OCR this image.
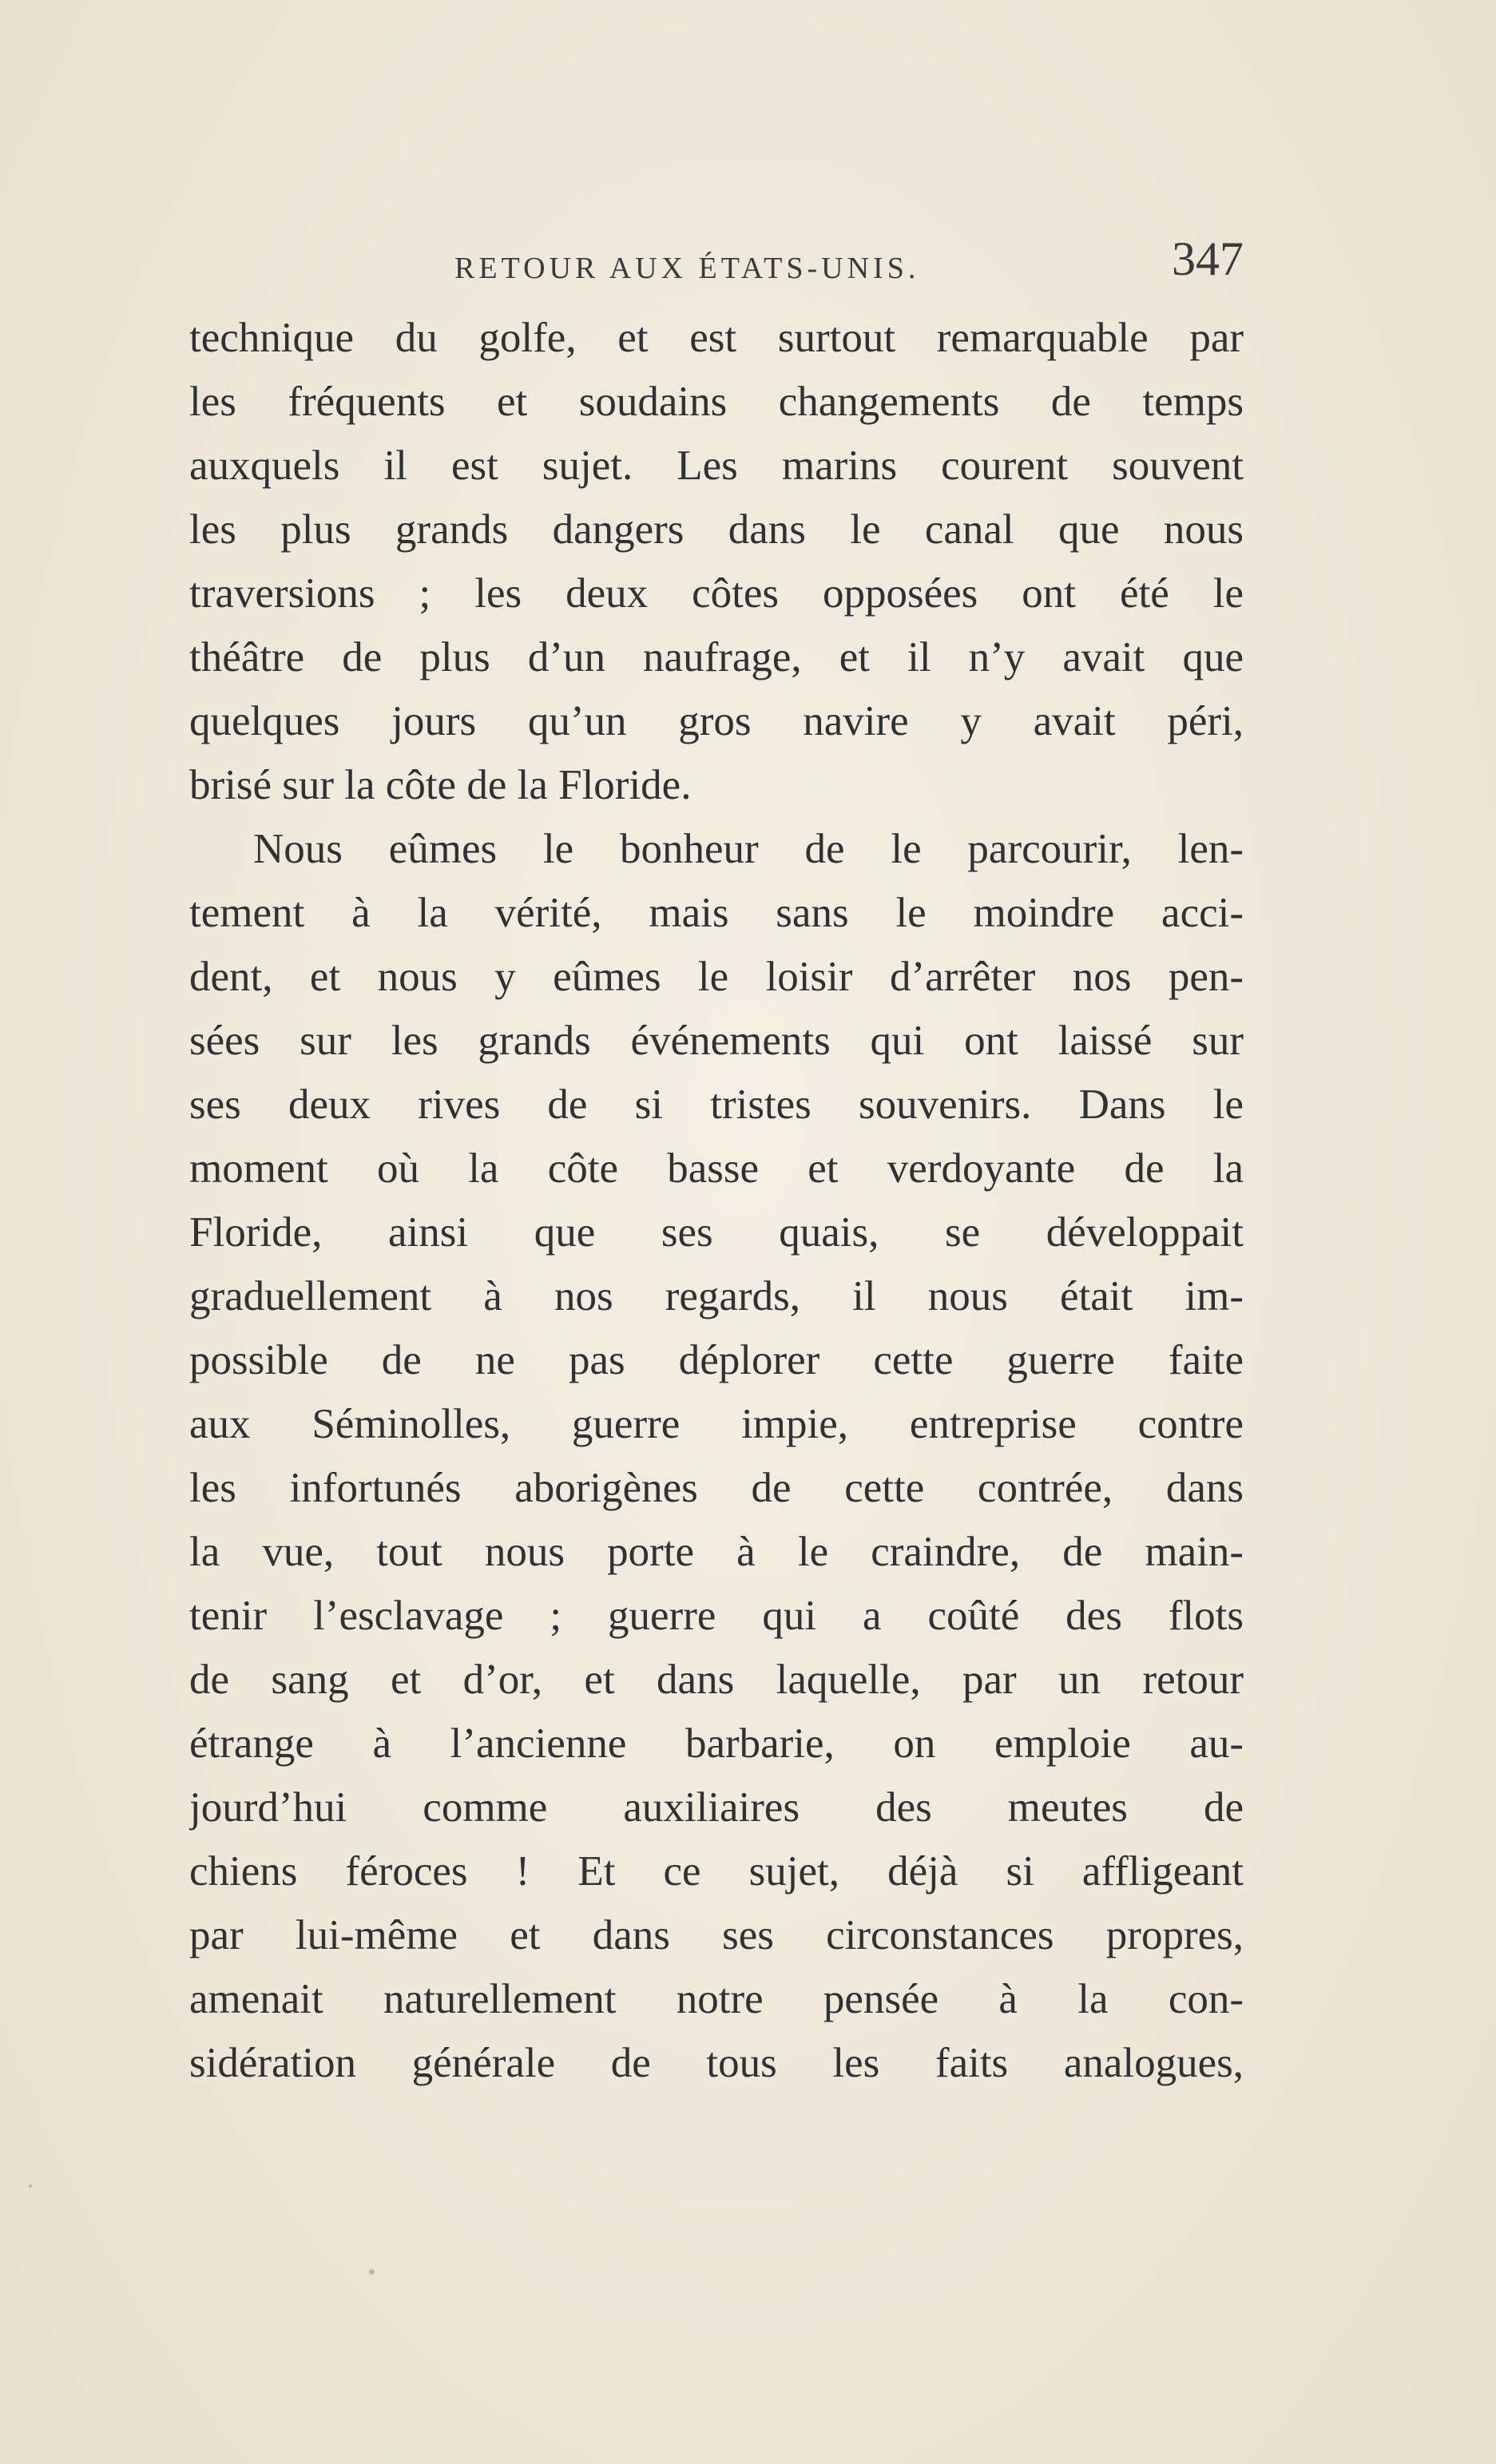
RETOUR AUX ÉTATS-UNIS.	347
technique du golfe, et est surtout remarquable par
les fréquents et soudains changements de temps
auxquels il est sujet. Les marins courent souvent
les plus grands dangers dans le canal que nous
traversions ; les deux côtes opposées ont été le
théâtre de plus d’un naufrage, et il n’y avait que
quelques jours qu’un gros navire y avait péri,
brisé sur la côte de la Floride.
Nous eûmes le bonheur de le parcourir, len-
tement à la vérité, mais sans le moindre acci-
dent, et nous y eûmes le loisir d’arrêter nos pen-
sées sur les grands événements qui ont laissé sur
ses deux rives de si tristes souvenirs. Dans le
moment où la côte basse et verdoyante de la
Floride, ainsi que ses quais, se développait
graduellement à nos regards, il nous était im-
possible de ne pas déplorer cette guerre faite
aux Séminolles, guerre impie, entreprise contre
les infortunés aborigènes de cette contrée, dans
la vue, tout nous porte à le craindre, de main-
tenir l’esclavage ; guerre qui a coûté des flots
de sang et d’or, et dans laquelle, par un retour
étrange à l’ancienne barbarie, on emploie au-
jourd’hui comme auxiliaires des meutes de
chiens féroces ! Et ce sujet, déjà si affligeant
par lui-même et dans ses circonstances propres,
amenait naturellement notre pensée à la con-
sidération générale de tous les faits analogues,
